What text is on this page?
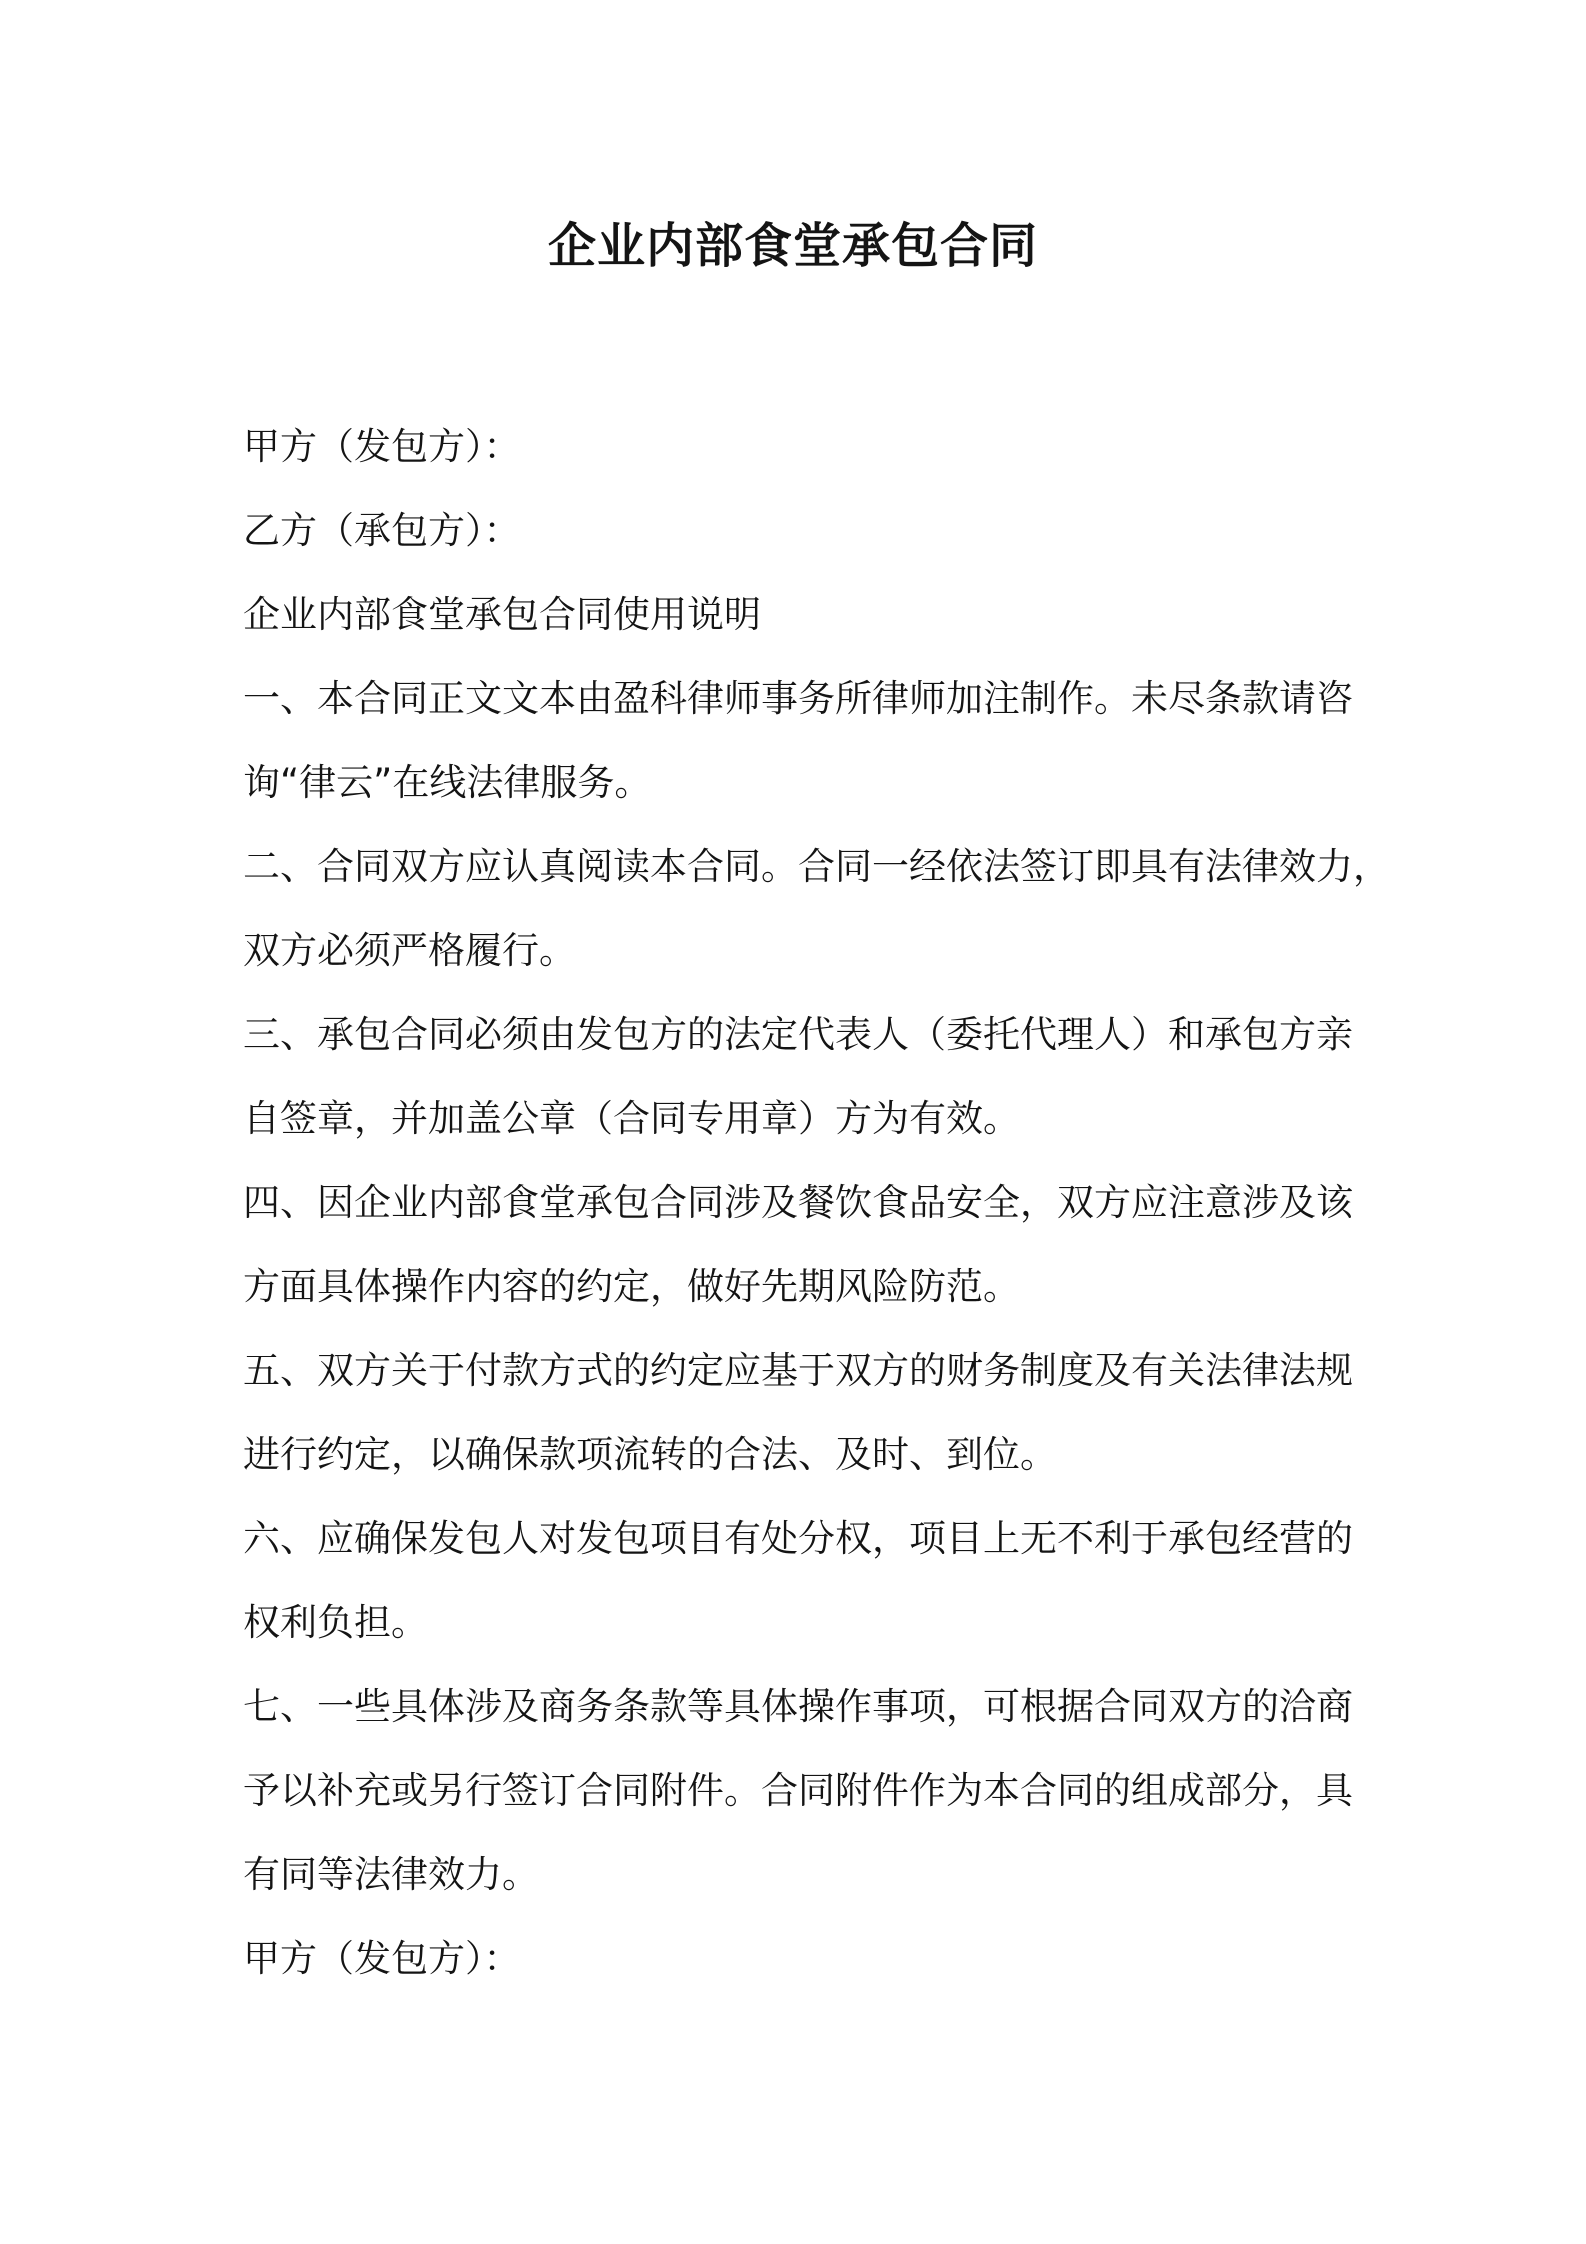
企业内部食堂承包合同

甲方（发包方）：

乙方（承包方）：

企业内部食堂承包合同使用说明

一、本合同正文文本由盈科律师事务所律师加注制作。未尽条款请咨

询“律云”在线法律服务。

二、合同双方应认真阅读本合同。合同一经依法签订即具有法律效力，

双方必须严格履行。

三、承包合同必须由发包方的法定代表人（委托代理人）和承包方亲

自签章，并加盖公章（合同专用章）方为有效。

四、因企业内部食堂承包合同涉及餐饮食品安全，双方应注意涉及该

方面具体操作内容的约定，做好先期风险防范。

五、双方关于付款方式的约定应基于双方的财务制度及有关法律法规

进行约定，以确保款项流转的合法、及时、到位。

六、应确保发包人对发包项目有处分权，项目上无不利于承包经营的

权利负担。

七、一些具体涉及商务条款等具体操作事项，可根据合同双方的洽商

予以补充或另行签订合同附件。合同附件作为本合同的组成部分，具

有同等法律效力。

甲方（发包方）：
